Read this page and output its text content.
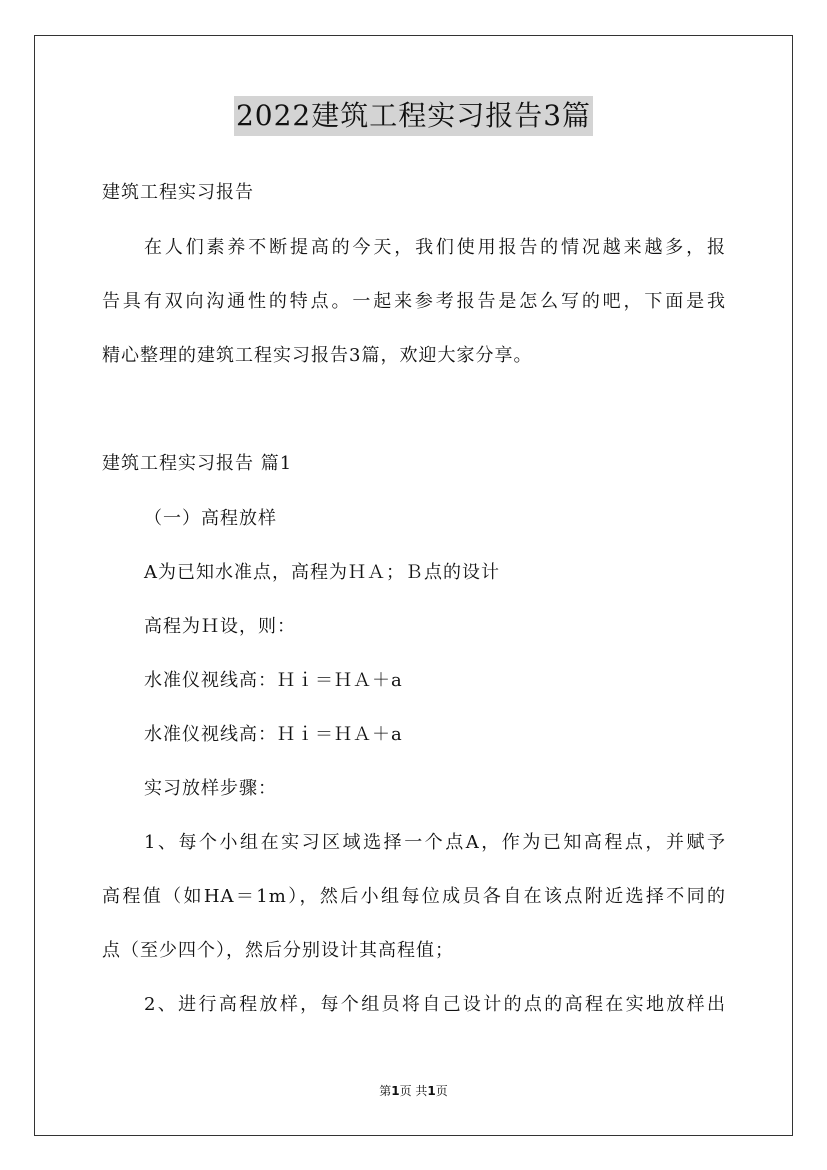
2022建筑工程实习报告3篇
建筑工程实习报告
在人们素养不断提高的今天，我们使用报告的情况越来越多，报
告具有双向沟通性的特点。一起来参考报告是怎么写的吧，下面是我
精心整理的建筑工程实习报告3篇，欢迎大家分享。
建筑工程实习报告 篇1
（一）高程放样
A为已知水准点，高程为ＨＡ；Ｂ点的设计
高程为Ｈ设，则：
水准仪视线高：Ｈｉ＝ＨＡ＋a
水准仪视线高：Ｈｉ＝ＨＡ＋a
实习放样步骤：
1、每个小组在实习区域选择一个点A，作为已知高程点，并赋予
高程值（如HA＝1m），然后小组每位成员各自在该点附近选择不同的
点（至少四个），然后分别设计其高程值；
2、进行高程放样，每个组员将自己设计的点的高程在实地放样出
第1页 共1页
